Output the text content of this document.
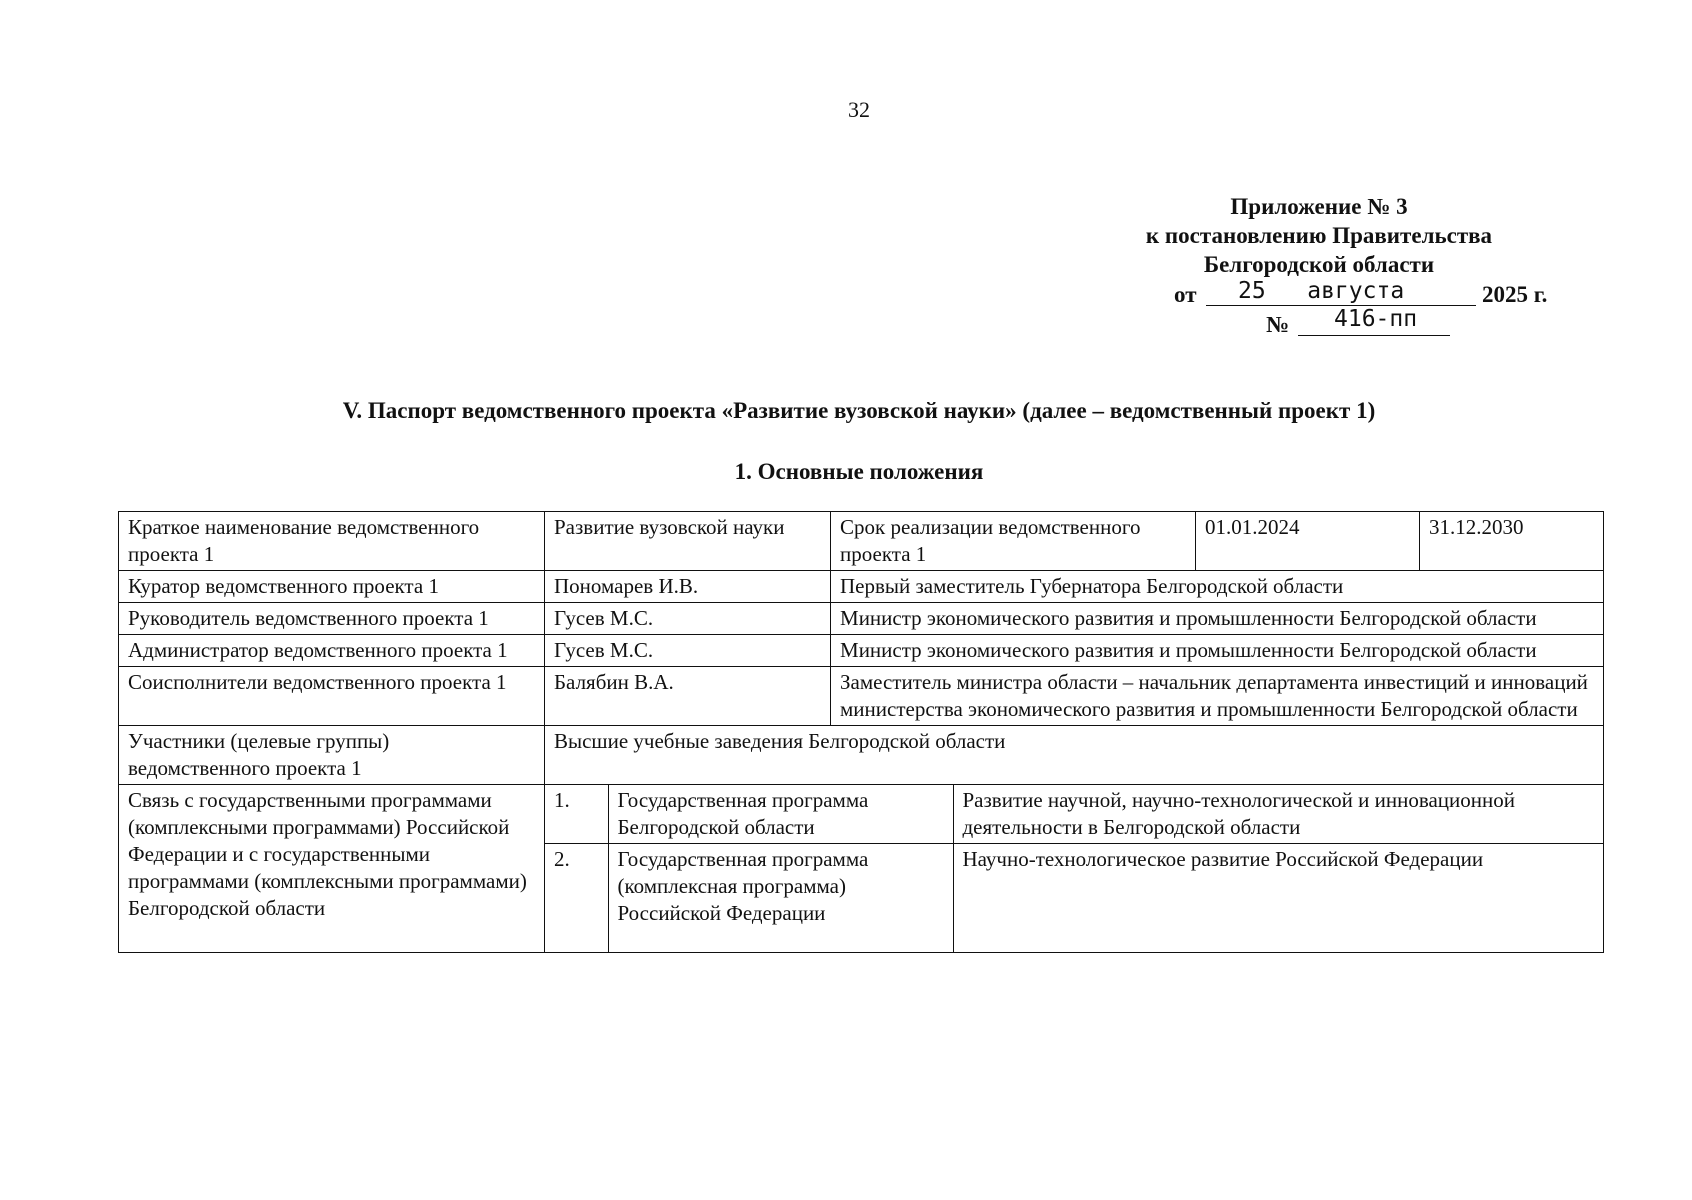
32
Приложение № 3
к постановлению Правительства
Белгородской области
от	25   августа	2025 г.
№	416-пп
V. Паспорт ведомственного проекта «Развитие вузовской науки» (далее – ведомственный проект 1)
1. Основные положения
Краткое наименование ведомственного проекта 1	Развитие вузовской науки	Срок реализации ведомственного проекта 1	01.01.2024	31.12.2030
Куратор ведомственного проекта 1	Пономарев И.В.	Первый заместитель Губернатора Белгородской области
Руководитель ведомственного проекта 1	Гусев М.С.	Министр экономического развития и промышленности Белгородской области
Администратор ведомственного проекта 1	Гусев М.С.	Министр экономического развития и промышленности Белгородской области
Соисполнители ведомственного проекта 1	Балябин В.А.	Заместитель министра области – начальник департамента инвестиций и инноваций министерства экономического развития и промышленности Белгородской области
Участники (целевые группы) ведомственного проекта 1	Высшие учебные заведения Белгородской области
Связь с государственными программами (комплексными программами) Российской Федерации и с государственными программами (комплексными программами) Белгородской области	
1.	Государственная программа Белгородской области	Развитие научной, научно-технологической и инновационной деятельности в Белгородской области
2.	Государственная программа (комплексная программа) Российской Федерации	Научно-технологическое развитие Российской Федерации
